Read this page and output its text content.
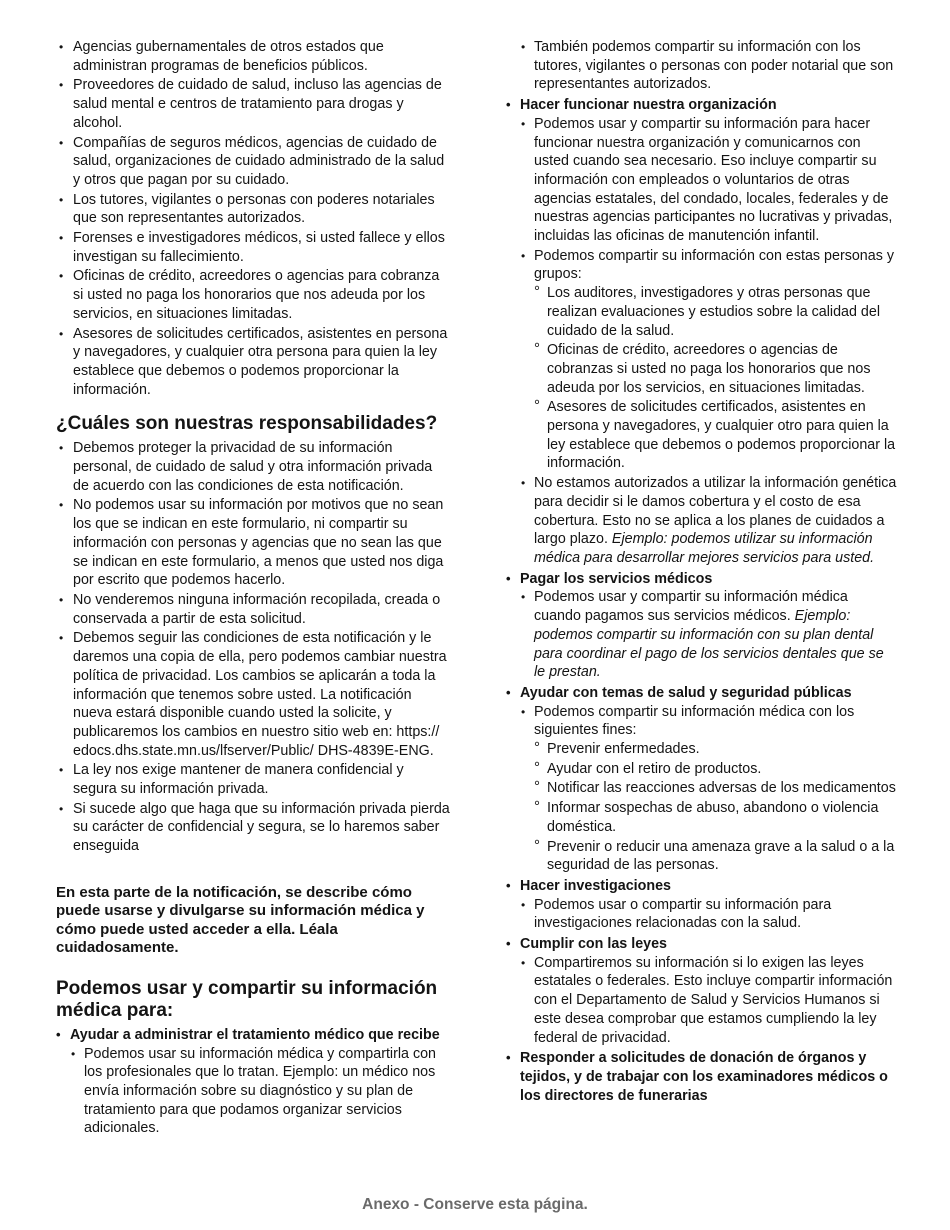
• Agencias gubernamentales de otros estados que administran programas de beneficios públicos.
• Proveedores de cuidado de salud, incluso las agencias de salud mental e centros de tratamiento para drogas y alcohol.
• Compañías de seguros médicos, agencias de cuidado de salud, organizaciones de cuidado administrado de la salud y otros que pagan por su cuidado.
• Los tutores, vigilantes o personas con poderes notariales que son representantes autorizados.
• Forenses e investigadores médicos, si usted fallece y ellos investigan su fallecimiento.
• Oficinas de crédito, acreedores o agencias para cobranza si usted no paga los honorarios que nos adeuda por los servicios, en situaciones limitadas.
• Asesores de solicitudes certificados, asistentes en persona y navegadores, y cualquier otra persona para quien la ley establece que debemos o podemos proporcionar la información.
¿Cuáles son nuestras responsabilidades?
• Debemos proteger la privacidad de su información personal, de cuidado de salud y otra información privada de acuerdo con las condiciones de esta notificación.
• No podemos usar su información por motivos que no sean los que se indican en este formulario, ni compartir su información con personas y agencias que no sean las que se indican en este formulario, a menos que usted nos diga por escrito que podemos hacerlo.
• No venderemos ninguna información recopilada, creada o conservada a partir de esta solicitud.
• Debemos seguir las condiciones de esta notificación y le daremos una copia de ella, pero podemos cambiar nuestra política de privacidad. Los cambios se aplicarán a toda la información que tenemos sobre usted. La notificación nueva estará disponible cuando usted la solicite, y publicaremos los cambios en nuestro sitio web en: https:// edocs.dhs.state.mn.us/lfserver/Public/ DHS-4839E-ENG.
• La ley nos exige mantener de manera confidencial y segura su información privada.
• Si sucede algo que haga que su información privada pierda su carácter de confidencial y segura, se lo haremos saber enseguida

En esta parte de la notificación, se describe cómo puede usarse y divulgarse su información médica y cómo puede usted acceder a ella. Léala cuidadosamente.

Podemos usar y compartir su información médica para:
• Ayudar a administrar el tratamiento médico que recibe
• Podemos usar su información médica y compartirla con los profesionales que lo tratan. Ejemplo: un médico nos envía información sobre su diagnóstico y su plan de tratamiento para que podamos organizar servicios adicionales.
• También podemos compartir su información con los tutores, vigilantes o personas con poder notarial que son representantes autorizados.
• Hacer funcionar nuestra organización
• Podemos usar y compartir su información para hacer funcionar nuestra organización y comunicarnos con usted cuando sea necesario. Eso incluye compartir su información con empleados o voluntarios de otras agencias estatales, del condado, locales, federales y de nuestras agencias participantes no lucrativas y privadas, incluidas las oficinas de manutención infantil.
• Podemos compartir su información con estas personas y grupos:
° Los auditores, investigadores y otras personas que realizan evaluaciones y estudios sobre la calidad del cuidado de la salud.
° Oficinas de crédito, acreedores o agencias de cobranzas si usted no paga los honorarios que nos adeuda por los servicios, en situaciones limitadas.
° Asesores de solicitudes certificados, asistentes en persona y navegadores, y cualquier otro para quien la ley establece que debemos o podemos proporcionar la información.
• No estamos autorizados a utilizar la información genética para decidir si le damos cobertura y el costo de esa cobertura. Esto no se aplica a los planes de cuidados a largo plazo. Ejemplo: podemos utilizar su información médica para desarrollar mejores servicios para usted.
• Pagar los servicios médicos
• Podemos usar y compartir su información médica cuando pagamos sus servicios médicos. Ejemplo: podemos compartir su información con su plan dental para coordinar el pago de los servicios dentales que se le prestan.
• Ayudar con temas de salud y seguridad públicas
• Podemos compartir su información médica con los siguientes fines:
° Prevenir enfermedades.
° Ayudar con el retiro de productos.
° Notificar las reacciones adversas de los medicamentos
° Informar sospechas de abuso, abandono o violencia doméstica.
° Prevenir o reducir una amenaza grave a la salud o a la seguridad de las personas.
• Hacer investigaciones
• Podemos usar o compartir su información para investigaciones relacionadas con la salud.
• Cumplir con las leyes
• Compartiremos su información si lo exigen las leyes estatales o federales. Esto incluye compartir información con el Departamento de Salud y Servicios Humanos si este desea comprobar que estamos cumpliendo la ley federal de privacidad.
• Responder a solicitudes de donación de órganos y tejidos, y de trabajar con los examinadores médicos o los directores de funerarias
Anexo - Conserve esta página.
